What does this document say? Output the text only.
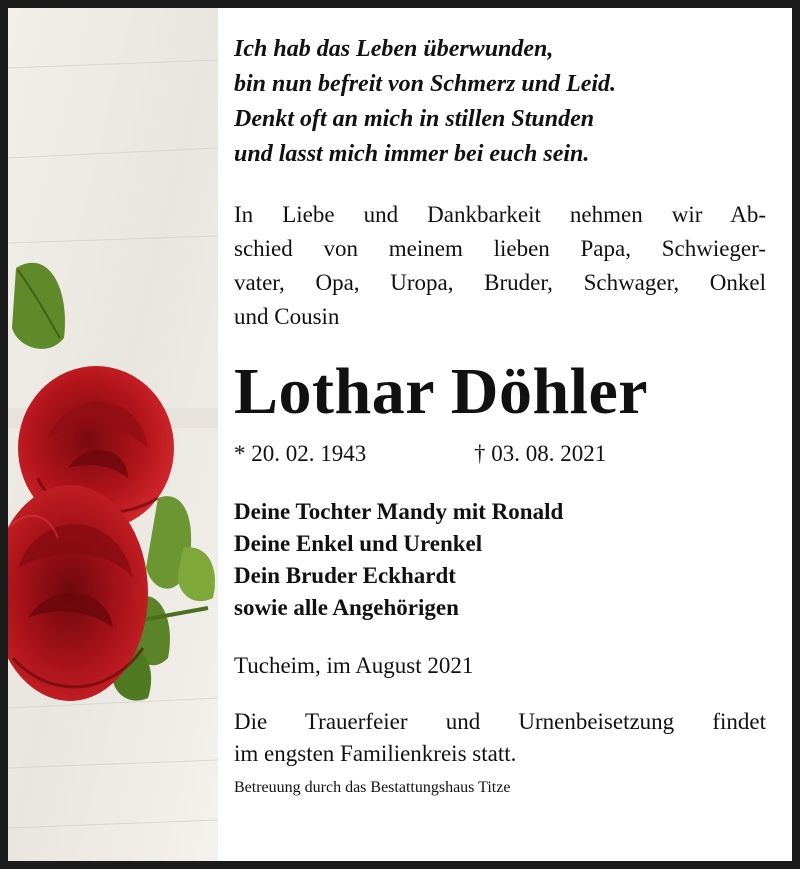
Ich hab das Leben überwunden,
bin nun befreit von Schmerz und Leid.
Denkt oft an mich in stillen Stunden
und lasst mich immer bei euch sein.
In Liebe und Dankbarkeit nehmen wir Ab-
schied von meinem lieben Papa, Schwieger-
vater, Opa, Uropa, Bruder, Schwager, Onkel
und Cousin
Lothar Döhler
* 20. 02. 1943	† 03. 08. 2021
Deine Tochter Mandy mit Ronald
Deine Enkel und Urenkel
Dein Bruder Eckhardt
sowie alle Angehörigen
Tucheim, im August 2021
Die Trauerfeier und Urnenbeisetzung findet
im engsten Familienkreis statt.
Betreuung durch das Bestattungshaus Titze
